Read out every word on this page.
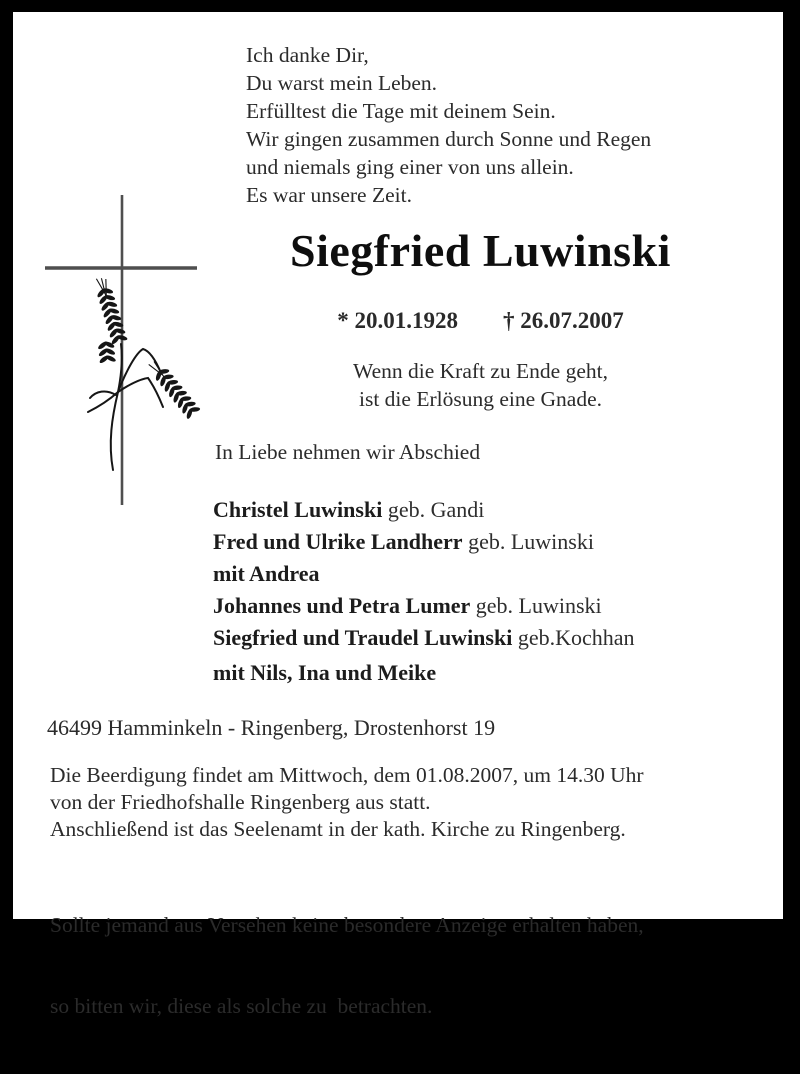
Ich danke Dir,
Du warst mein Leben.
Erfülltest die Tage mit deinem Sein.
Wir gingen zusammen durch Sonne und Regen
und niemals ging einer von uns allein.
Es war unsere Zeit.
Siegfried Luwinski
* 20.01.1928 † 26.07.2007
Wenn die Kraft zu Ende geht,
ist die Erlösung eine Gnade.
In Liebe nehmen wir Abschied
Christel Luwinski geb. Gandi
Fred und Ulrike Landherr geb. Luwinski
mit Andrea
Johannes und Petra Lumer geb. Luwinski
Siegfried und Traudel Luwinski geb.Kochhan
mit Nils, Ina und Meike
46499 Hamminkeln - Ringenberg, Drostenhorst 19
Die Beerdigung findet am Mittwoch, dem 01.08.2007, um 14.30 Uhr
von der Friedhofshalle Ringenberg aus statt.
Anschließend ist das Seelenamt in der kath. Kirche zu Ringenberg.

Sollte jemand aus Versehen keine besondere Anzeige erhalten haben,

so bitten wir, diese als solche zu  betrachten.
